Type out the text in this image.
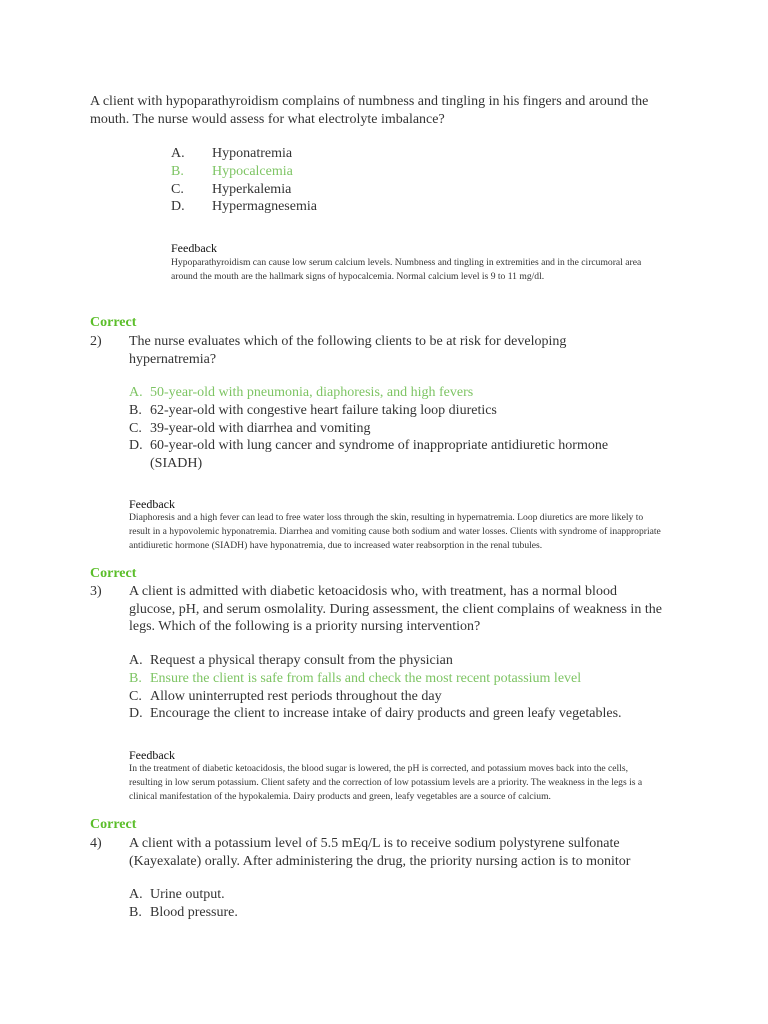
A client with hypoparathyroidism complains of numbness and tingling in his fingers and around the mouth. The nurse would assess for what electrolyte imbalance?
A.	Hyponatremia
B.	Hypocalcemia
C.	Hyperkalemia
D.	Hypermagnesemia
Feedback
Hypoparathyroidism can cause low serum calcium levels. Numbness and tingling in extremities and in the circumoral area around the mouth are the hallmark signs of hypocalcemia. Normal calcium level is 9 to 11 mg/dl.
Correct
2) The nurse evaluates which of the following clients to be at risk for developing hypernatremia?
A. 50-year-old with pneumonia, diaphoresis, and high fevers
B. 62-year-old with congestive heart failure taking loop diuretics
C. 39-year-old with diarrhea and vomiting
D. 60-year-old with lung cancer and syndrome of inappropriate antidiuretic hormone (SIADH)
Feedback
Diaphoresis and a high fever can lead to free water loss through the skin, resulting in hypernatremia. Loop diuretics are more likely to result in a hypovolemic hyponatremia. Diarrhea and vomiting cause both sodium and water losses. Clients with syndrome of inappropriate antidiuretic hormone (SIADH) have hyponatremia, due to increased water reabsorption in the renal tubules.
Correct
3) A client is admitted with diabetic ketoacidosis who, with treatment, has a normal blood glucose, pH, and serum osmolality. During assessment, the client complains of weakness in the legs. Which of the following is a priority nursing intervention?
A. Request a physical therapy consult from the physician
B. Ensure the client is safe from falls and check the most recent potassium level
C. Allow uninterrupted rest periods throughout the day
D. Encourage the client to increase intake of dairy products and green leafy vegetables.
Feedback
In the treatment of diabetic ketoacidosis, the blood sugar is lowered, the pH is corrected, and potassium moves back into the cells, resulting in low serum potassium. Client safety and the correction of low potassium levels are a priority. The weakness in the legs is a clinical manifestation of the hypokalemia. Dairy products and green, leafy vegetables are a source of calcium.
Correct
4) A client with a potassium level of 5.5 mEq/L is to receive sodium polystyrene sulfonate (Kayexalate) orally. After administering the drug, the priority nursing action is to monitor
A. Urine output.
B. Blood pressure.
